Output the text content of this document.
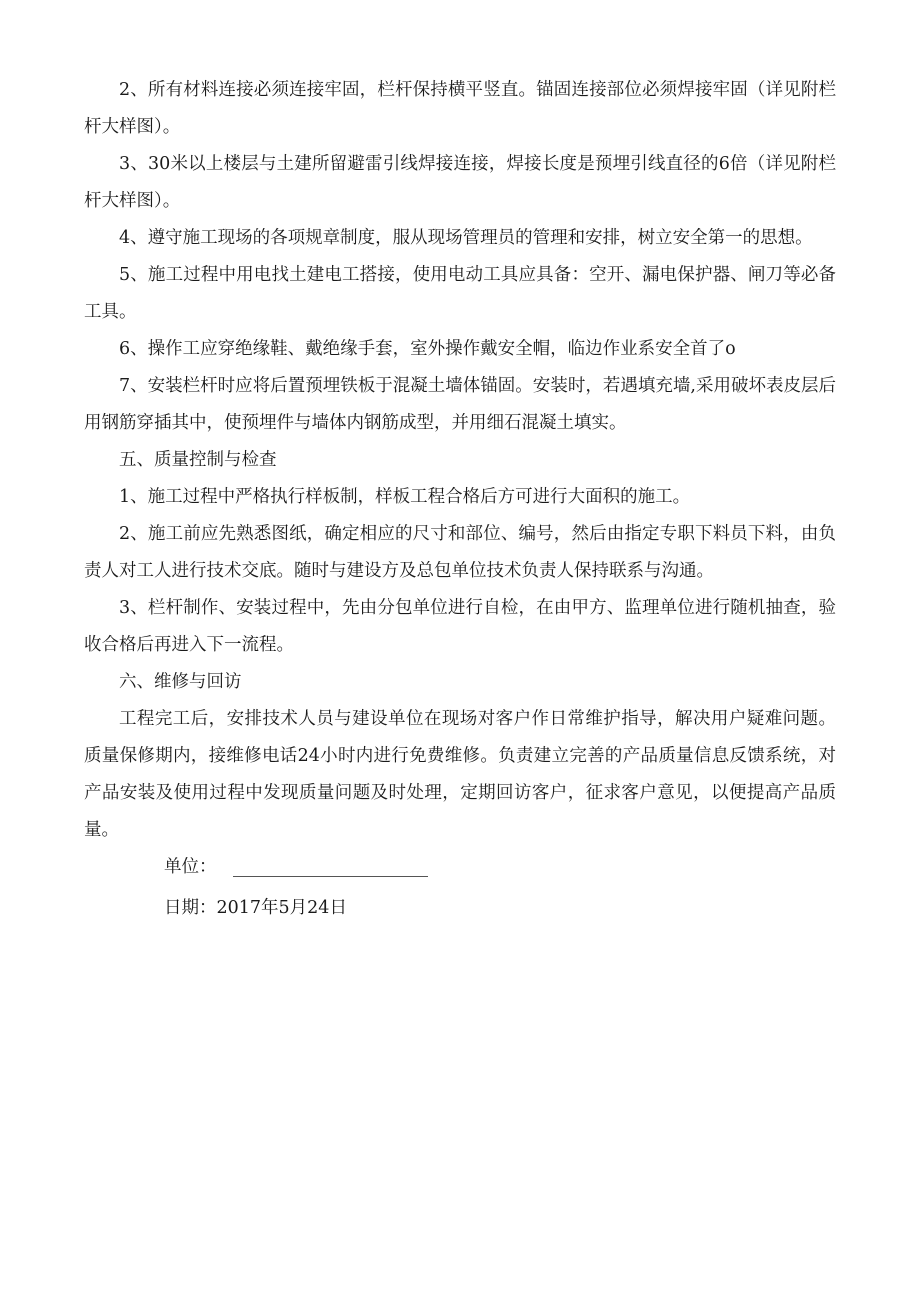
2、所有材料连接必须连接牢固，栏杆保持横平竖直。锚固连接部位必须焊接牢固（详见附栏杆大样图）。

3、30米以上楼层与土建所留避雷引线焊接连接，焊接长度是预埋引线直径的6倍（详见附栏杆大样图）。

4、遵守施工现场的各项规章制度，服从现场管理员的管理和安排，树立安全第一的思想。

5、施工过程中用电找土建电工搭接，使用电动工具应具备：空开、漏电保护器、闸刀等必备工具。

6、操作工应穿绝缘鞋、戴绝缘手套，室外操作戴安全帽，临边作业系安全首了o

7、安装栏杆时应将后置预埋铁板于混凝土墙体锚固。安装时，若遇填充墙,采用破坏表皮层后用钢筋穿插其中，使预埋件与墙体内钢筋成型，并用细石混凝土填实。

五、质量控制与检查

1、施工过程中严格执行样板制，样板工程合格后方可进行大面积的施工。

2、施工前应先熟悉图纸，确定相应的尺寸和部位、编号，然后由指定专职下料员下料，由负责人对工人进行技术交底。随时与建设方及总包单位技术负责人保持联系与沟通。

3、栏杆制作、安装过程中，先由分包单位进行自检，在由甲方、监理单位进行随机抽查，验收合格后再进入下一流程。

六、维修与回访

工程完工后，安排技术人员与建设单位在现场对客户作日常维护指导，解决用户疑难问题。质量保修期内，接维修电话24小时内进行免费维修。负责建立完善的产品质量信息反馈系统，对产品安装及使用过程中发现质量问题及时处理，定期回访客户，征求客户意见，以便提高产品质量。

单位：

日期：2017年5月24日
